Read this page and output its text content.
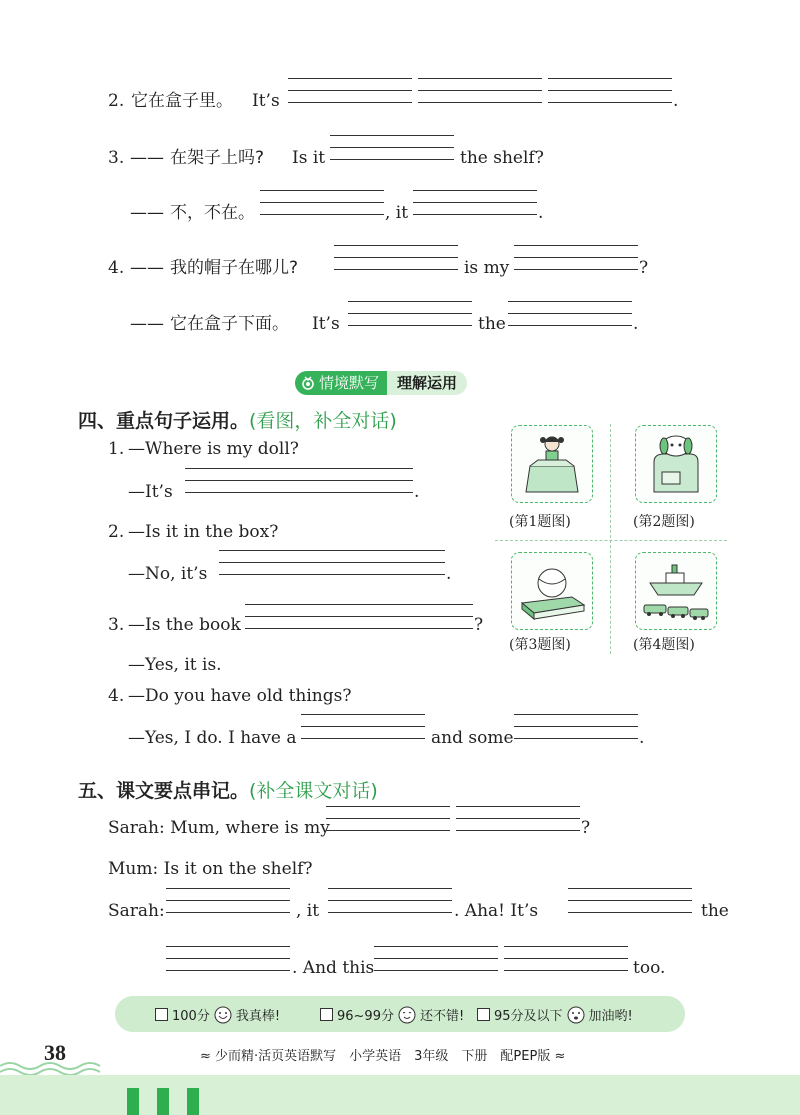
2. 它在盒子里。 It’s	.
3. —— 在架子上吗? Is it	the shelf?
—— 不，不在。	, it	.
4. —— 我的帽子在哪儿?	is my	?
—— 它在盒子下面。 It’s	the	.
情境默写	理解运用
四、重点句子运用。(看图，补全对话)
1. —Where is my doll?
—It’s	.
2. —Is it in the box?
—No, it’s	.
3. —Is the book	?
—Yes, it is.
4. —Do you have old things?
—Yes, I do. I have a	and some	.
(第1题图)	(第2题图)
(第3题图)	(第4题图)
五、课文要点串记。(补全课文对话)
Sarah: Mum, where is my	?
Mum: Is it on the shelf?
Sarah:	, it	. Aha! It’s	the
. And this	too.
100分 我真棒!	96~99分 还不错! 95分及以下 加油哟!
38	≈ 少而精·活页英语默写　小学英语　3年级　下册　配PEP版 ≈
